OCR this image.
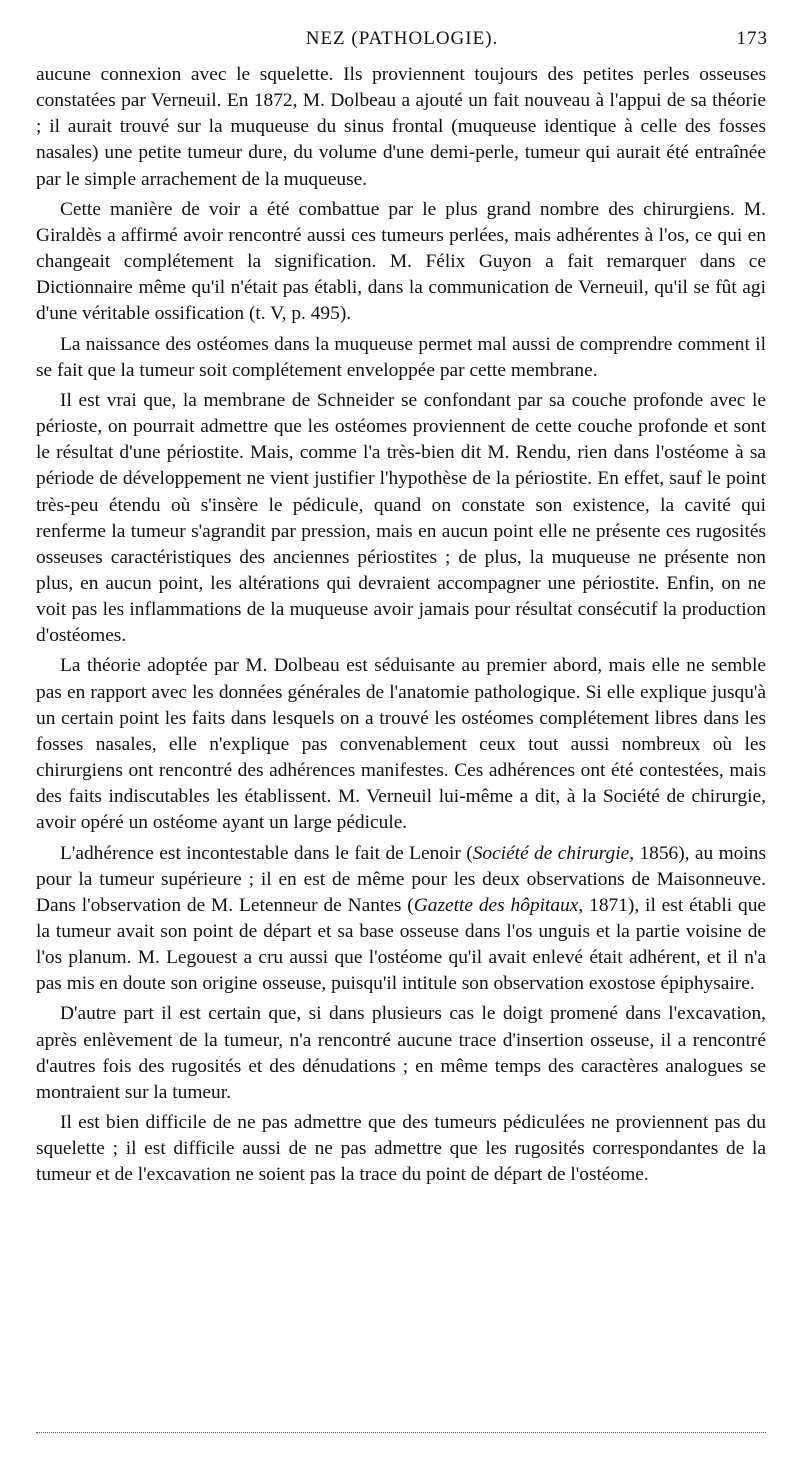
NEZ (PATHOLOGIE).	173

aucune connexion avec le squelette. Ils proviennent toujours des petites perles osseuses constatées par Verneuil. En 1872, M. Dolbeau a ajouté un fait nouveau à l'appui de sa théorie ; il aurait trouvé sur la muqueuse du sinus frontal (muqueuse identique à celle des fosses nasales) une petite tumeur dure, du volume d'une demi-perle, tumeur qui aurait été entraînée par le simple arrachement de la muqueuse.

Cette manière de voir a été combattue par le plus grand nombre des chirurgiens. M. Giraldès a affirmé avoir rencontré aussi ces tumeurs perlées, mais adhérentes à l'os, ce qui en changeait complétement la signification. M. Félix Guyon a fait remarquer dans ce Dictionnaire même qu'il n'était pas établi, dans la communication de Verneuil, qu'il se fût agi d'une véritable ossification (t. V, p. 495).

La naissance des ostéomes dans la muqueuse permet mal aussi de comprendre comment il se fait que la tumeur soit complétement enveloppée par cette membrane.

Il est vrai que, la membrane de Schneider se confondant par sa couche profonde avec le périoste, on pourrait admettre que les ostéomes proviennent de cette couche profonde et sont le résultat d'une périostite. Mais, comme l'a très-bien dit M. Rendu, rien dans l'ostéome à sa période de développement ne vient justifier l'hypothèse de la périostite. En effet, sauf le point très-peu étendu où s'insère le pédicule, quand on constate son existence, la cavité qui renferme la tumeur s'agrandit par pression, mais en aucun point elle ne présente ces rugosités osseuses caractéristiques des anciennes périostites ; de plus, la muqueuse ne présente non plus, en aucun point, les altérations qui devraient accompagner une périostite. Enfin, on ne voit pas les inflammations de la muqueuse avoir jamais pour résultat consécutif la production d'ostéomes.

La théorie adoptée par M. Dolbeau est séduisante au premier abord, mais elle ne semble pas en rapport avec les données générales de l'anatomie pathologique. Si elle explique jusqu'à un certain point les faits dans lesquels on a trouvé les ostéomes complétement libres dans les fosses nasales, elle n'explique pas convenablement ceux tout aussi nombreux où les chirurgiens ont rencontré des adhérences manifestes. Ces adhérences ont été contestées, mais des faits indiscutables les établissent. M. Verneuil lui-même a dit, à la Société de chirurgie, avoir opéré un ostéome ayant un large pédicule.

L'adhérence est incontestable dans le fait de Lenoir (Société de chirurgie, 1856), au moins pour la tumeur supérieure ; il en est de même pour les deux observations de Maisonneuve. Dans l'observation de M. Letenneur de Nantes (Gazette des hôpitaux, 1871), il est établi que la tumeur avait son point de départ et sa base osseuse dans l'os unguis et la partie voisine de l'os planum. M. Legouest a cru aussi que l'ostéome qu'il avait enlevé était adhérent, et il n'a pas mis en doute son origine osseuse, puisqu'il intitule son observation exostose épiphysaire.

D'autre part il est certain que, si dans plusieurs cas le doigt promené dans l'excavation, après enlèvement de la tumeur, n'a rencontré aucune trace d'insertion osseuse, il a rencontré d'autres fois des rugosités et des dénudations ; en même temps des caractères analogues se montraient sur la tumeur.

Il est bien difficile de ne pas admettre que des tumeurs pédiculées ne proviennent pas du squelette ; il est difficile aussi de ne pas admettre que les rugosités correspondantes de la tumeur et de l'excavation ne soient pas la trace du point de départ de l'ostéome.
